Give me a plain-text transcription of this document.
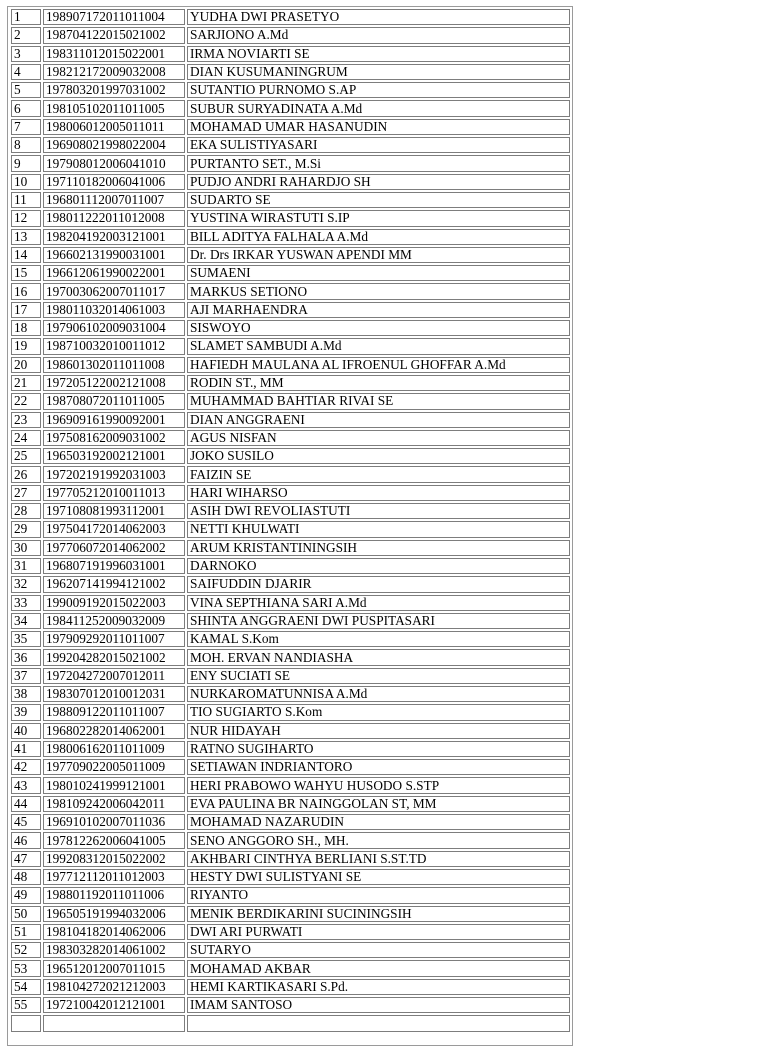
1	198907172011011004	YUDHA DWI PRASETYO
2	198704122015021002	SARJIONO A.Md
3	198311012015022001	IRMA NOVIARTI SE
4	198212172009032008	DIAN KUSUMANINGRUM
5	197803201997031002	SUTANTIO PURNOMO S.AP
6	198105102011011005	SUBUR SURYADINATA A.Md
7	198006012005011011	MOHAMAD UMAR HASANUDIN
8	196908021998022004	EKA SULISTIYASARI
9	197908012006041010	PURTANTO SET., M.Si
10	197110182006041006	PUDJO ANDRI RAHARDJO SH
11	196801112007011007	SUDARTO SE
12	198011222011012008	YUSTINA WIRASTUTI S.IP
13	198204192003121001	BILL ADITYA FALHALA A.Md
14	196602131990031001	Dr. Drs IRKAR YUSWAN APENDI MM
15	196612061990022001	SUMAENI
16	197003062007011017	MARKUS SETIONO
17	198011032014061003	AJI MARHAENDRA
18	197906102009031004	SISWOYO
19	198710032010011012	SLAMET SAMBUDI A.Md
20	198601302011011008	HAFIEDH MAULANA AL IFROENUL GHOFFAR A.Md
21	197205122002121008	RODIN ST., MM
22	198708072011011005	MUHAMMAD BAHTIAR RIVAI SE
23	196909161990092001	DIAN ANGGRAENI
24	197508162009031002	AGUS NISFAN
25	196503192002121001	JOKO SUSILO
26	197202191992031003	FAIZIN SE
27	197705212010011013	HARI WIHARSO
28	197108081993112001	ASIH DWI REVOLIASTUTI
29	197504172014062003	NETTI KHULWATI
30	197706072014062002	ARUM KRISTANTININGSIH
31	196807191996031001	DARNOKO
32	196207141994121002	SAIFUDDIN DJARIR
33	199009192015022003	VINA SEPTHIANA SARI A.Md
34	198411252009032009	SHINTA ANGGRAENI DWI PUSPITASARI
35	197909292011011007	KAMAL S.Kom
36	199204282015021002	MOH. ERVAN NANDIASHA
37	197204272007012011	ENY SUCIATI SE
38	198307012010012031	NURKAROMATUNNISA A.Md
39	198809122011011007	TIO SUGIARTO S.Kom
40	196802282014062001	NUR HIDAYAH
41	198006162011011009	RATNO SUGIHARTO
42	197709022005011009	SETIAWAN INDRIANTORO
43	198010241999121001	HERI PRABOWO WAHYU HUSODO S.STP
44	198109242006042011	EVA PAULINA BR NAINGGOLAN ST, MM
45	196910102007011036	MOHAMAD NAZARUDIN
46	197812262006041005	SENO ANGGORO SH., MH.
47	199208312015022002	AKHBARI CINTHYA BERLIANI S.ST.TD
48	197712112011012003	HESTY DWI SULISTYANI SE
49	198801192011011006	RIYANTO
50	196505191994032006	MENIK BERDIKARINI SUCININGSIH
51	198104182014062006	DWI ARI PURWATI
52	198303282014061002	SUTARYO
53	196512012007011015	MOHAMAD AKBAR
54	198104272021212003	HEMI KARTIKASARI S.Pd.
55	197210042012121001	IMAM SANTOSO
